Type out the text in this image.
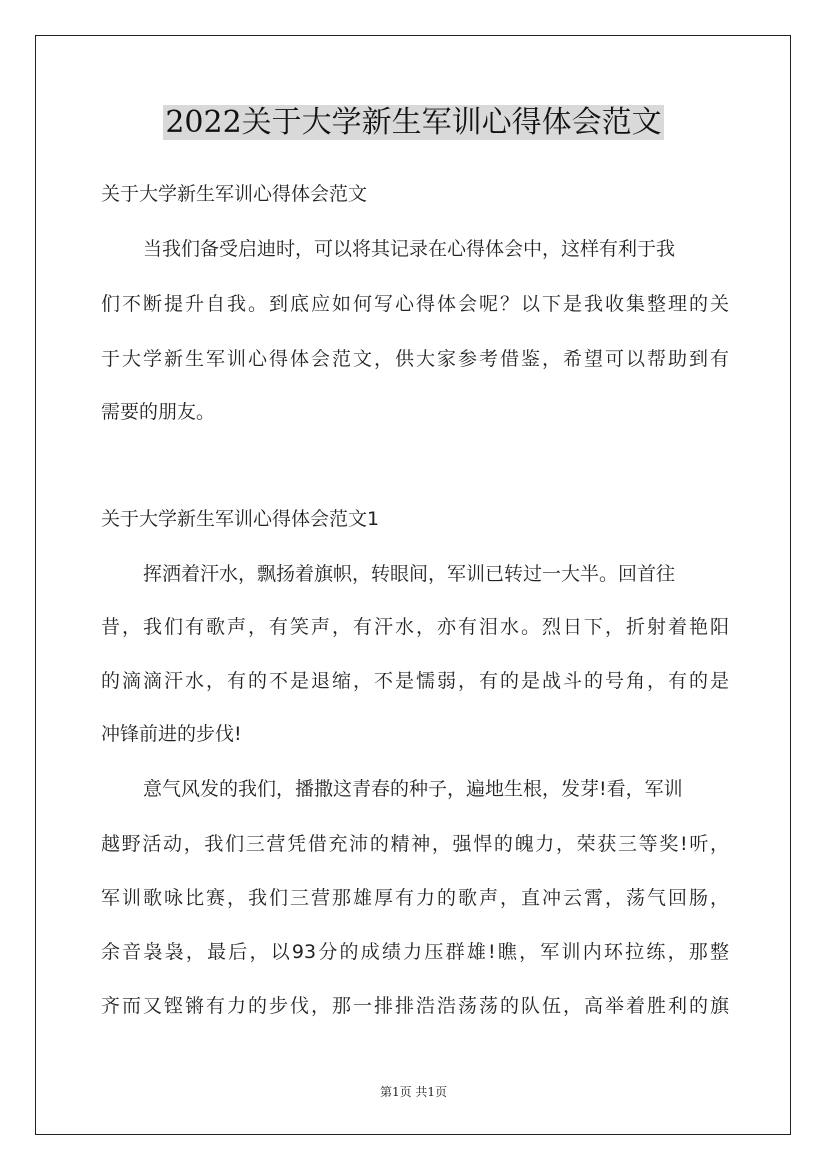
2022关于大学新生军训心得体会范文
关于大学新生军训心得体会范文
当我们备受启迪时，可以将其记录在心得体会中，这样有利于我
们不断提升自我。到底应如何写心得体会呢？以下是我收集整理的关
于大学新生军训心得体会范文，供大家参考借鉴，希望可以帮助到有
需要的朋友。
关于大学新生军训心得体会范文1
挥洒着汗水，飘扬着旗帜，转眼间，军训已转过一大半。回首往
昔，我们有歌声，有笑声，有汗水，亦有泪水。烈日下，折射着艳阳
的滴滴汗水，有的不是退缩，不是懦弱，有的是战斗的号角，有的是
冲锋前进的步伐!
意气风发的我们，播撒这青春的种子，遍地生根，发芽!看，军训
越野活动，我们三营凭借充沛的精神，强悍的魄力，荣获三等奖!听，
军训歌咏比赛，我们三营那雄厚有力的歌声，直冲云霄，荡气回肠，
余音袅袅，最后，以93分的成绩力压群雄!瞧，军训内环拉练，那整
齐而又铿锵有力的步伐，那一排排浩浩荡荡的队伍，高举着胜利的旗
第1页 共1页
